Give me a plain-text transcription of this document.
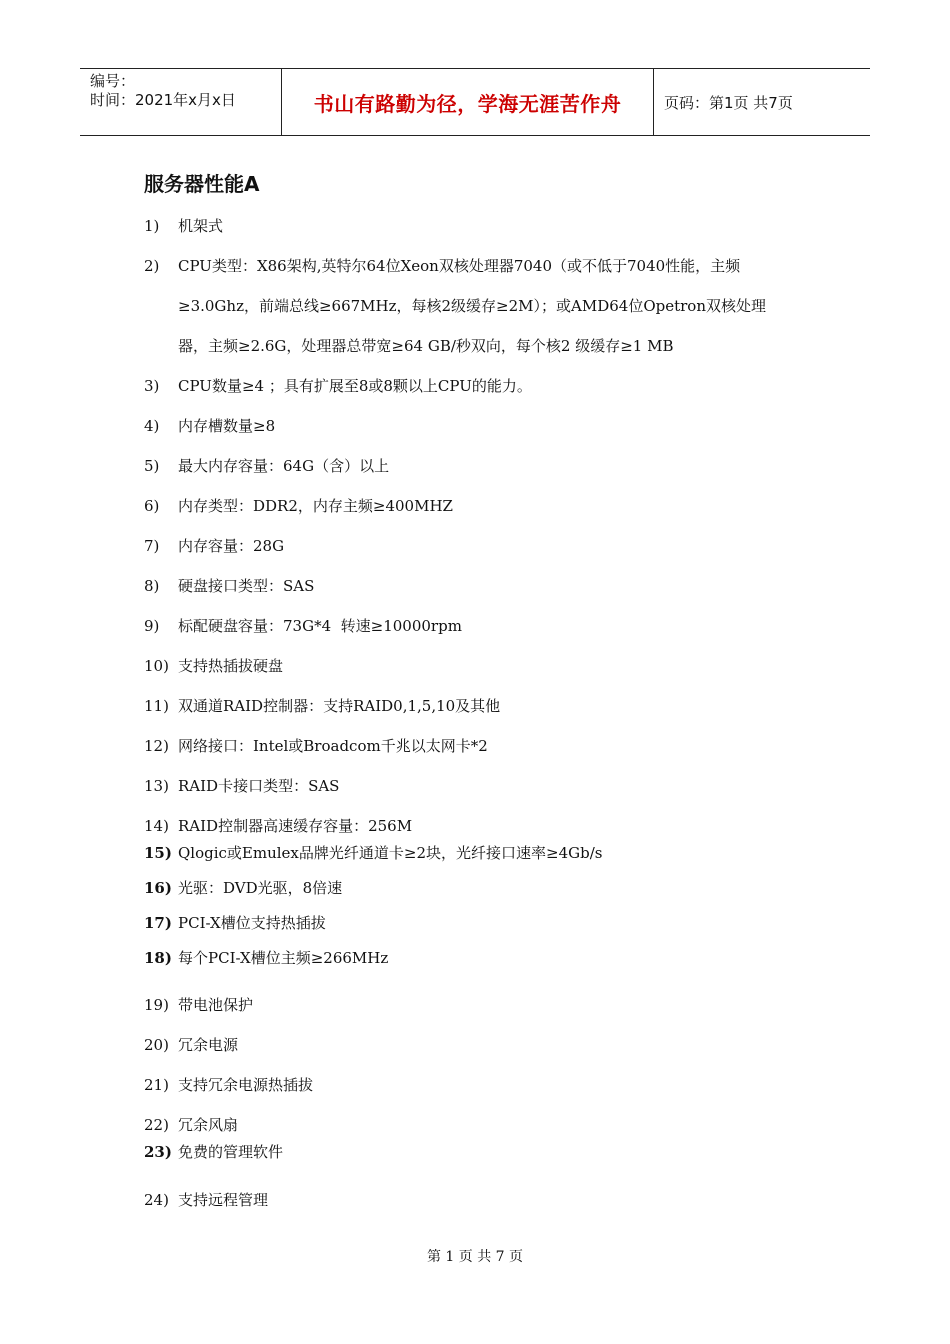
编号：
时间：2021年x月x日	书山有路勤为径，学海无涯苦作舟	页码：第1页 共7页
服务器性能A
1) 机架式
2) CPU类型：X86架构,英特尔64位Xeon双核处理器7040（或不低于7040性能，主频
≥3.0Ghz，前端总线≥667MHz，每核2级缓存≥2M）；或AMD64位Opetron双核处理
器，主频≥2.6G，处理器总带宽≥64 GB/秒双向，每个核2 级缓存≥1 MB
3) CPU数量≥4 ；具有扩展至8或8颗以上CPU的能力。
4) 内存槽数量≥8
5) 最大内存容量：64G（含）以上
6) 内存类型：DDR2，内存主频≥400MHZ
7) 内存容量：28G
8) 硬盘接口类型：SAS
9) 标配硬盘容量：73G*4  转速≥10000rpm
10) 支持热插拔硬盘
11) 双通道RAID控制器：支持RAID0,1,5,10及其他
12) 网络接口：Intel或Broadcom千兆以太网卡*2
13) RAID卡接口类型：SAS
14) RAID控制器高速缓存容量：256M
15) Qlogic或Emulex品牌光纤通道卡≥2块，光纤接口速率≥4Gb/s
16) 光驱：DVD光驱，8倍速
17) PCI-X槽位支持热插拔
18) 每个PCI-X槽位主频≥266MHz
19) 带电池保护
20) 冗余电源
21) 支持冗余电源热插拔
22) 冗余风扇
23) 免费的管理软件
24) 支持远程管理
第 1 页 共 7 页
